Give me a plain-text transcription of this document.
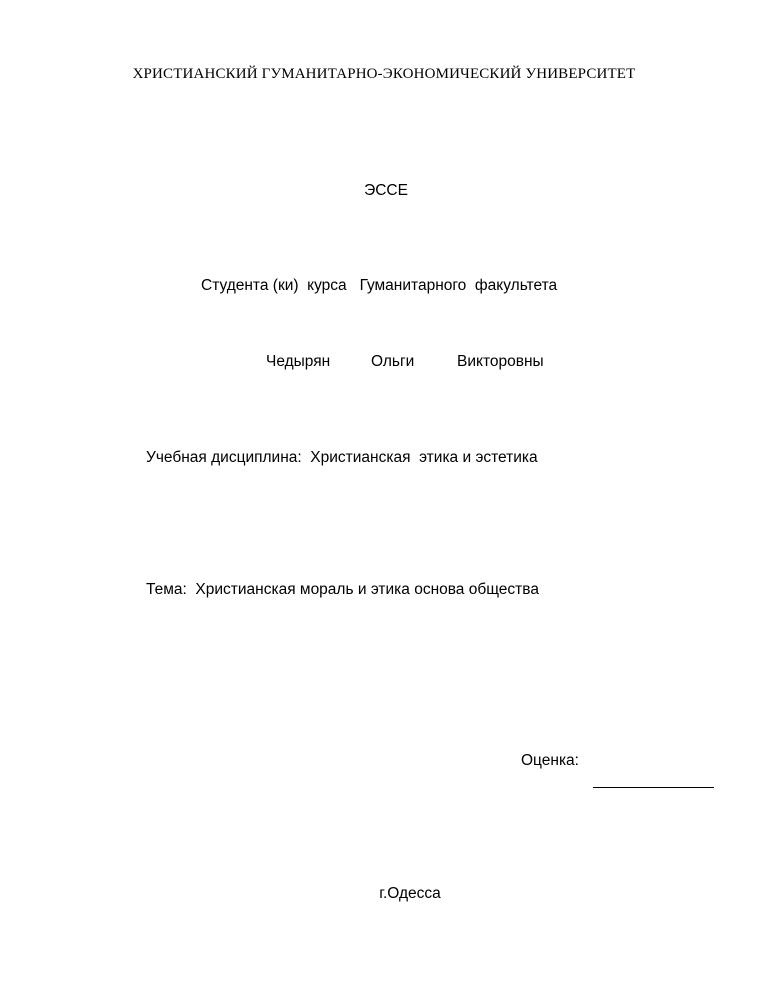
ХРИСТИАНСКИЙ ГУМАНИТАРНО-ЭКОНОМИЧЕСКИЙ УНИВЕРСИТЕТ
ЭССЕ
Студента (ки)  курса   Гуманитарного  факультета
Чедырян	Ольги	Викторовны
Учебная дисциплина:  Христианская  этика и эстетика
Тема:  Христианская мораль и этика основа общества
Оценка:
г.Одесса
